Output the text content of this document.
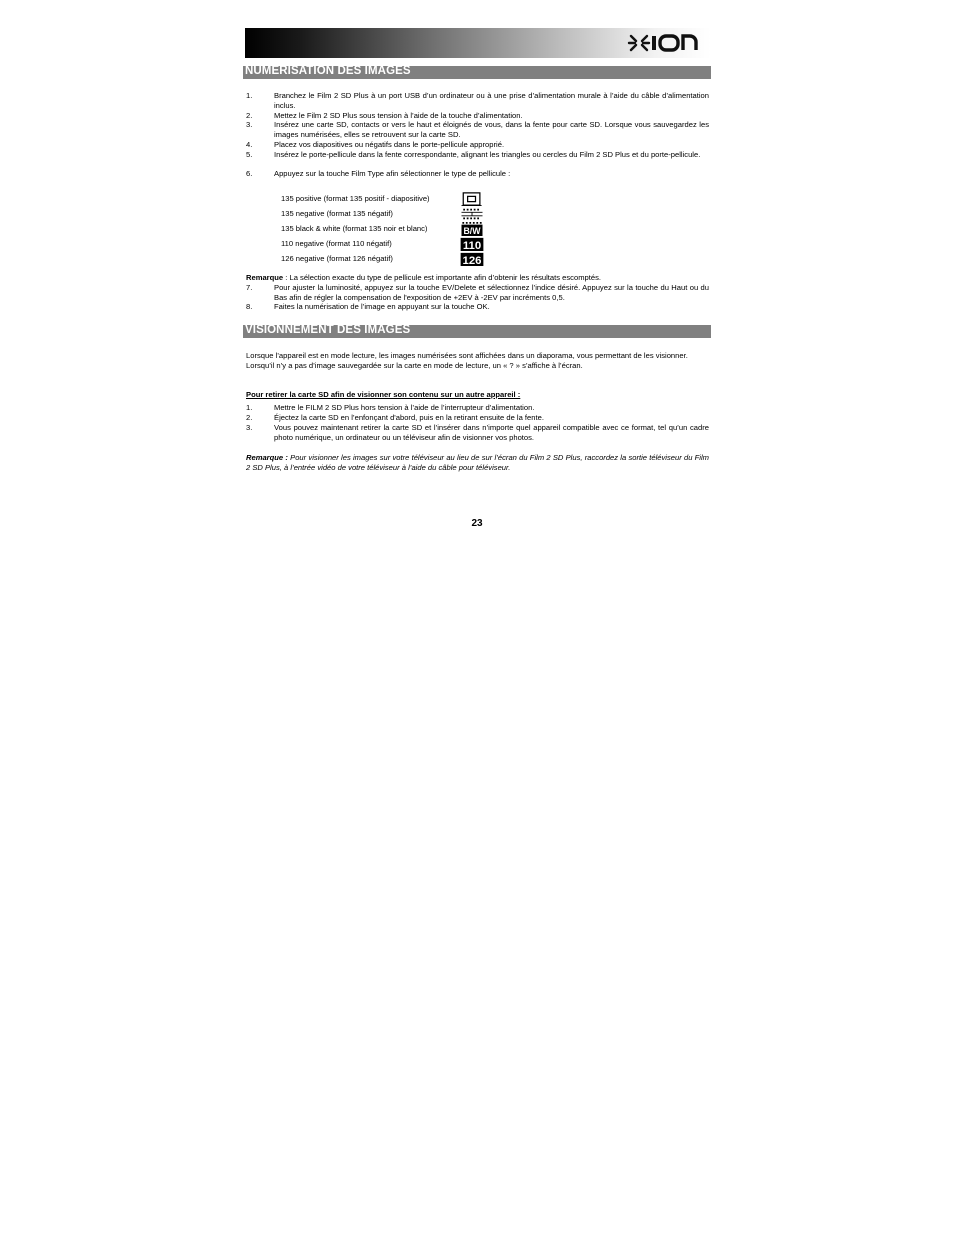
NUMÉRISATION DES IMAGES
1.	Branchez le Film 2 SD Plus à un port USB d’un ordinateur ou à une prise d’alimentation murale à l’aide du câble d’alimentation inclus.
2.	Mettez le Film 2 SD Plus sous tension à l’aide de la touche d’alimentation.
3.	Insérez une carte SD, contacts or vers le haut et éloignés de vous, dans la fente pour carte SD. Lorsque vous sauvegardez les images numérisées, elles se retrouvent sur la carte SD.
4.	Placez vos diapositives ou négatifs dans le porte-pellicule approprié.
5.	Insérez le porte-pellicule dans la fente correspondante, alignant les triangles ou cercles du Film 2 SD Plus et du porte-pellicule.
6.	Appuyez sur la touche Film Type afin sélectionner le type de pellicule :
135 positive (format 135 positif - diapositive)
135 negative (format 135 négatif)
135 black & white (format 135 noir et blanc)	B/W
110 negative (format 110 négatif)	110
126 negative (format 126 négatif)	126
Remarque : La sélection exacte du type de pellicule est importante afin d’obtenir les résultats escomptés.
7.	Pour ajuster la luminosité, appuyez sur la touche EV/Delete et sélectionnez l’indice désiré. Appuyez sur la touche du Haut ou du Bas afin de régler la compensation de l'exposition de +2EV à -2EV par incréments 0,5.
8.	Faites la numérisation de l’image en appuyant sur la touche OK.
VISIONNEMENT DES IMAGES
Lorsque l’appareil est en mode lecture, les images numérisées sont affichées dans un diaporama, vous permettant de les visionner.
Lorsqu’il n’y a pas d’image sauvegardée sur la carte en mode de lecture, un « ? » s’affiche à l’écran.
Pour retirer la carte SD afin de visionner son contenu sur un autre appareil :
1.	Mettre le FILM 2 SD Plus hors tension à l’aide de l’interrupteur d’alimentation.
2.	Éjectez la carte SD en l’enfonçant d'abord, puis en la retirant ensuite de la fente.
3.	Vous pouvez maintenant retirer la carte SD et l’insérer dans n’importe quel appareil compatible avec ce format, tel qu’un cadre photo numérique, un ordinateur ou un téléviseur afin de visionner vos photos.
Remarque : Pour visionner les images sur votre téléviseur au lieu de sur l’écran du Film 2 SD Plus, raccordez la sortie téléviseur du Film 2 SD Plus, à l’entrée vidéo de votre téléviseur à l’aide du câble pour téléviseur.
23
